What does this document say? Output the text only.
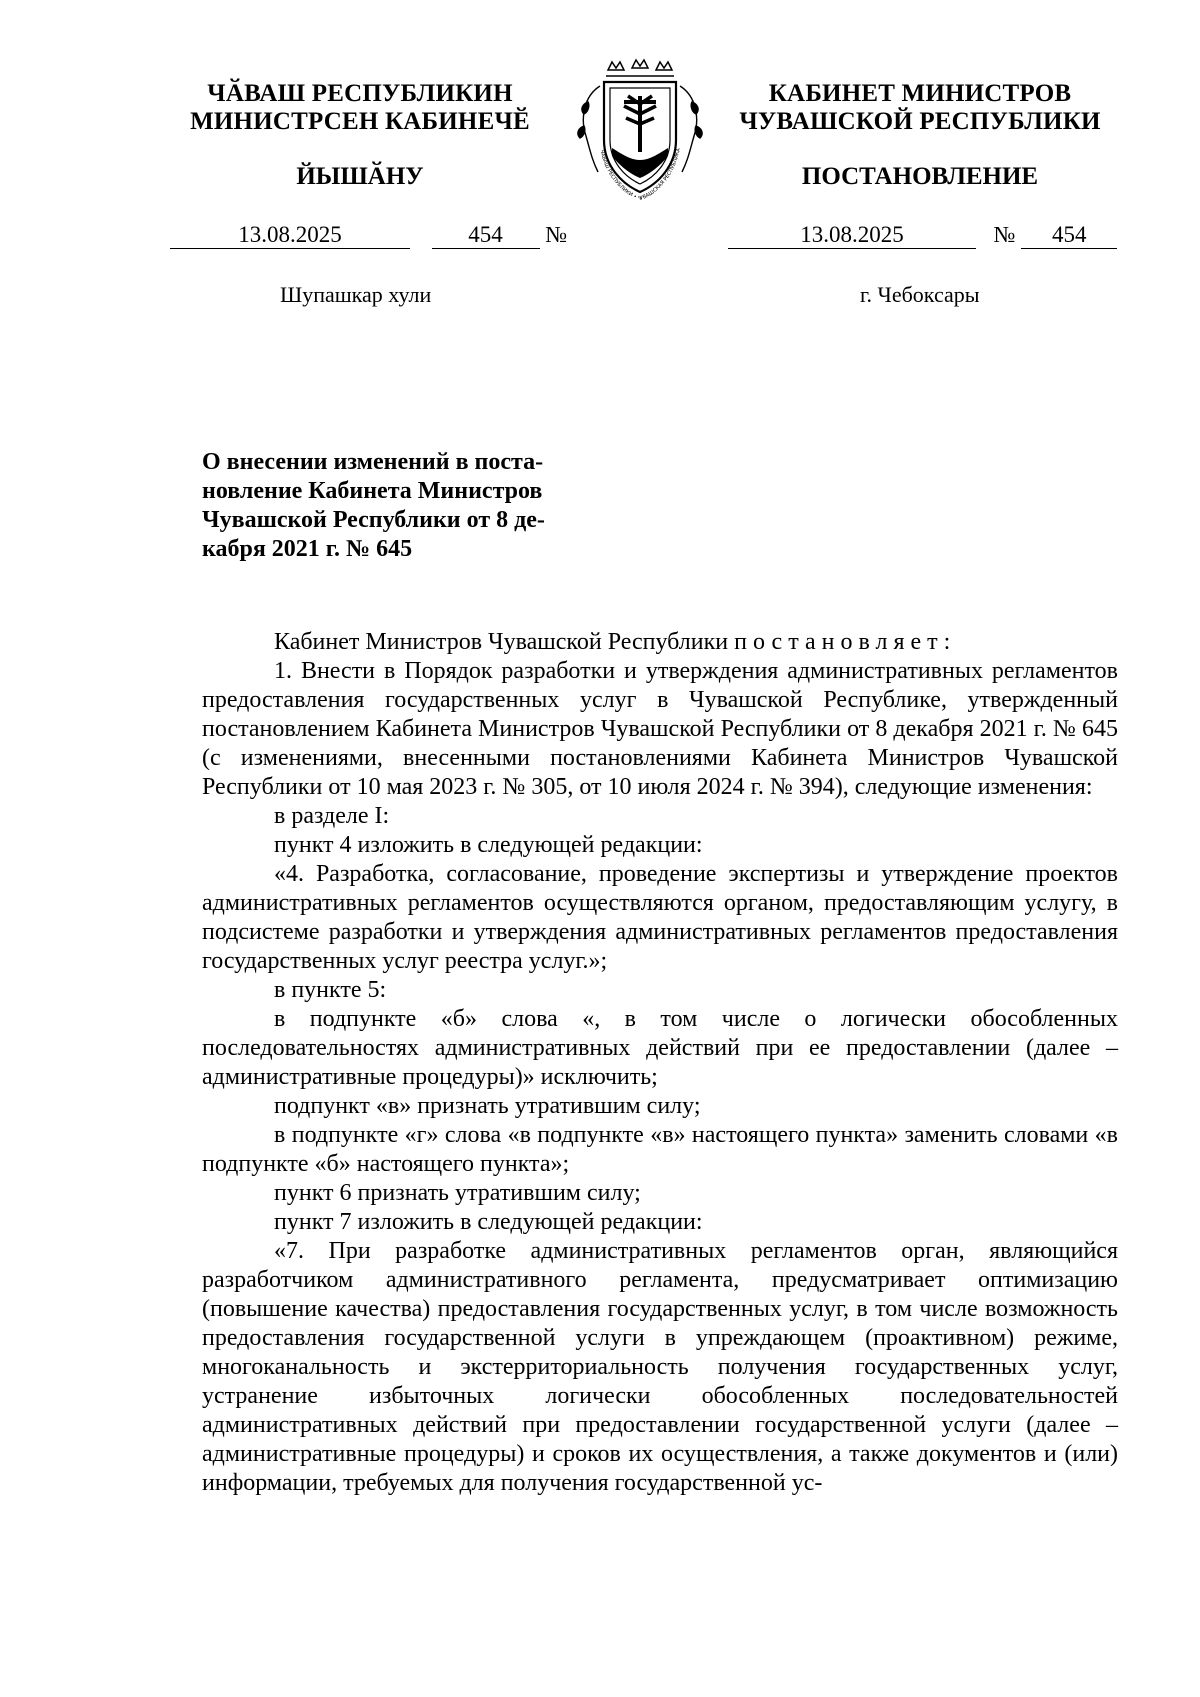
ЧӐВАШ РЕСПУБЛИКИН
МИНИСТРСЕН КАБИНЕЧӖ
ЙЫШӐНУ
ЧӐВАШ РЕСПУБЛИКИ • ЧУВАШСКАЯ РЕСПУБЛИКА
КАБИНЕТ МИНИСТРОВ
ЧУВАШСКОЙ РЕСПУБЛИКИ
ПОСТАНОВЛЕНИЕ
13.08.2025	454 №	13.08.2025	№ 454
Шупашкар хули	г. Чебоксары
О внесении изменений в поста-
новление Кабинета Министров
Чувашской Республики от 8 де-
кабря 2021 г. № 645

Кабинет Министров Чувашской Республики постановляет:

1. Внести в Порядок разработки и утверждения административных регламентов предоставления государственных услуг в Чувашской Республике, утвержденный постановлением Кабинета Министров Чувашской Республики от 8 декабря 2021 г. № 645 (с изменениями, внесенными постановлениями Кабинета Министров Чувашской Республики от 10 мая 2023 г. № 305, от 10 июля 2024 г. № 394), следующие изменения:

в разделе I:

пункт 4 изложить в следующей редакции:

«4. Разработка, согласование, проведение экспертизы и утверждение проектов административных регламентов осуществляются органом, предоставляющим услугу, в подсистеме разработки и утверждения административных регламентов предоставления государственных услуг реестра услуг.»;

в пункте 5:

в подпункте «б» слова «, в том числе о логически обособленных последовательностях административных действий при ее предоставлении (далее – административные процедуры)» исключить;

подпункт «в» признать утратившим силу;

в подпункте «г» слова «в подпункте «в» настоящего пункта» заменить словами «в подпункте «б» настоящего пункта»;

пункт 6 признать утратившим силу;

пункт 7 изложить в следующей редакции:

«7. При разработке административных регламентов орган, являющийся разработчиком административного регламента, предусматривает оптимизацию (повышение качества) предоставления государственных услуг, в том числе возможность предоставления государственной услуги в упреждающем (проактивном) режиме, многоканальность и экстерриториальность получения государственных услуг, устранение избыточных логически обособленных последовательностей административных действий при предоставлении государственной услуги (далее – административные процедуры) и сроков их осуществления, а также документов и (или) информации, требуемых для получения государственной ус-
